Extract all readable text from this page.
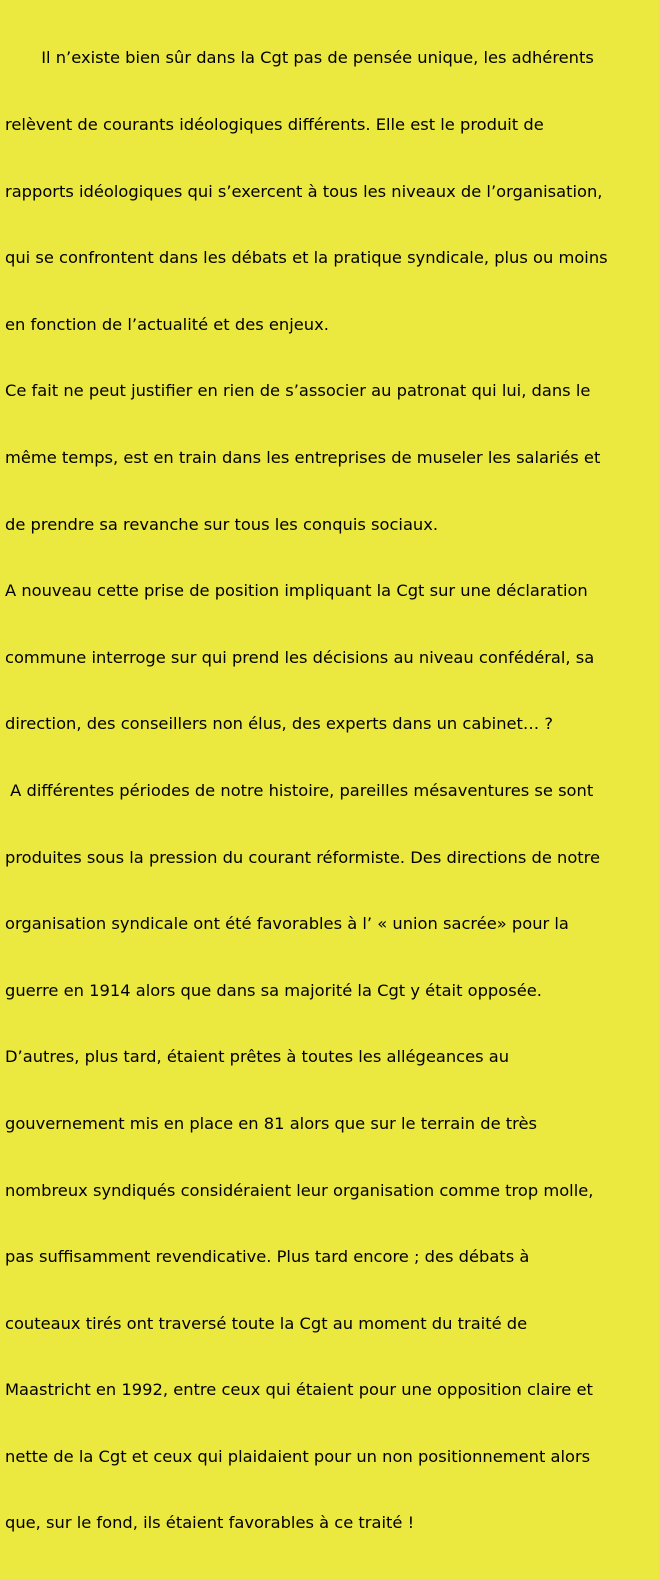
Il n’existe bien sûr dans la Cgt pas de pensée unique, les adhérents

relèvent de courants idéologiques différents. Elle est le produit de

rapports idéologiques qui s’exercent à tous les niveaux de l’organisation,

qui se confrontent dans les débats et la pratique syndicale, plus ou moins

en fonction de l’actualité et des enjeux.

Ce fait ne peut justifier en rien de s’associer au patronat qui lui, dans le

même temps, est en train dans les entreprises de museler les salariés et

de prendre sa revanche sur tous les conquis sociaux.

A nouveau cette prise de position impliquant la Cgt sur une déclaration

commune interroge sur qui prend les décisions au niveau confédéral, sa

direction, des conseillers non élus, des experts dans un cabinet… ?

A différentes périodes de notre histoire, pareilles mésaventures se sont

produites sous la pression du courant réformiste. Des directions de notre

organisation syndicale ont été favorables à l’ « union sacrée» pour la

guerre en 1914 alors que dans sa majorité la Cgt y était opposée.

D’autres, plus tard, étaient prêtes à toutes les allégeances au

gouvernement mis en place en 81 alors que sur le terrain de très

nombreux syndiqués considéraient leur organisation comme trop molle,

pas suffisamment revendicative. Plus tard encore ; des débats à

couteaux tirés ont traversé toute la Cgt au moment du traité de

Maastricht en 1992, entre ceux qui étaient pour une opposition claire et

nette de la Cgt et ceux qui plaidaient pour un non positionnement alors

que, sur le fond, ils étaient favorables à ce traité !
